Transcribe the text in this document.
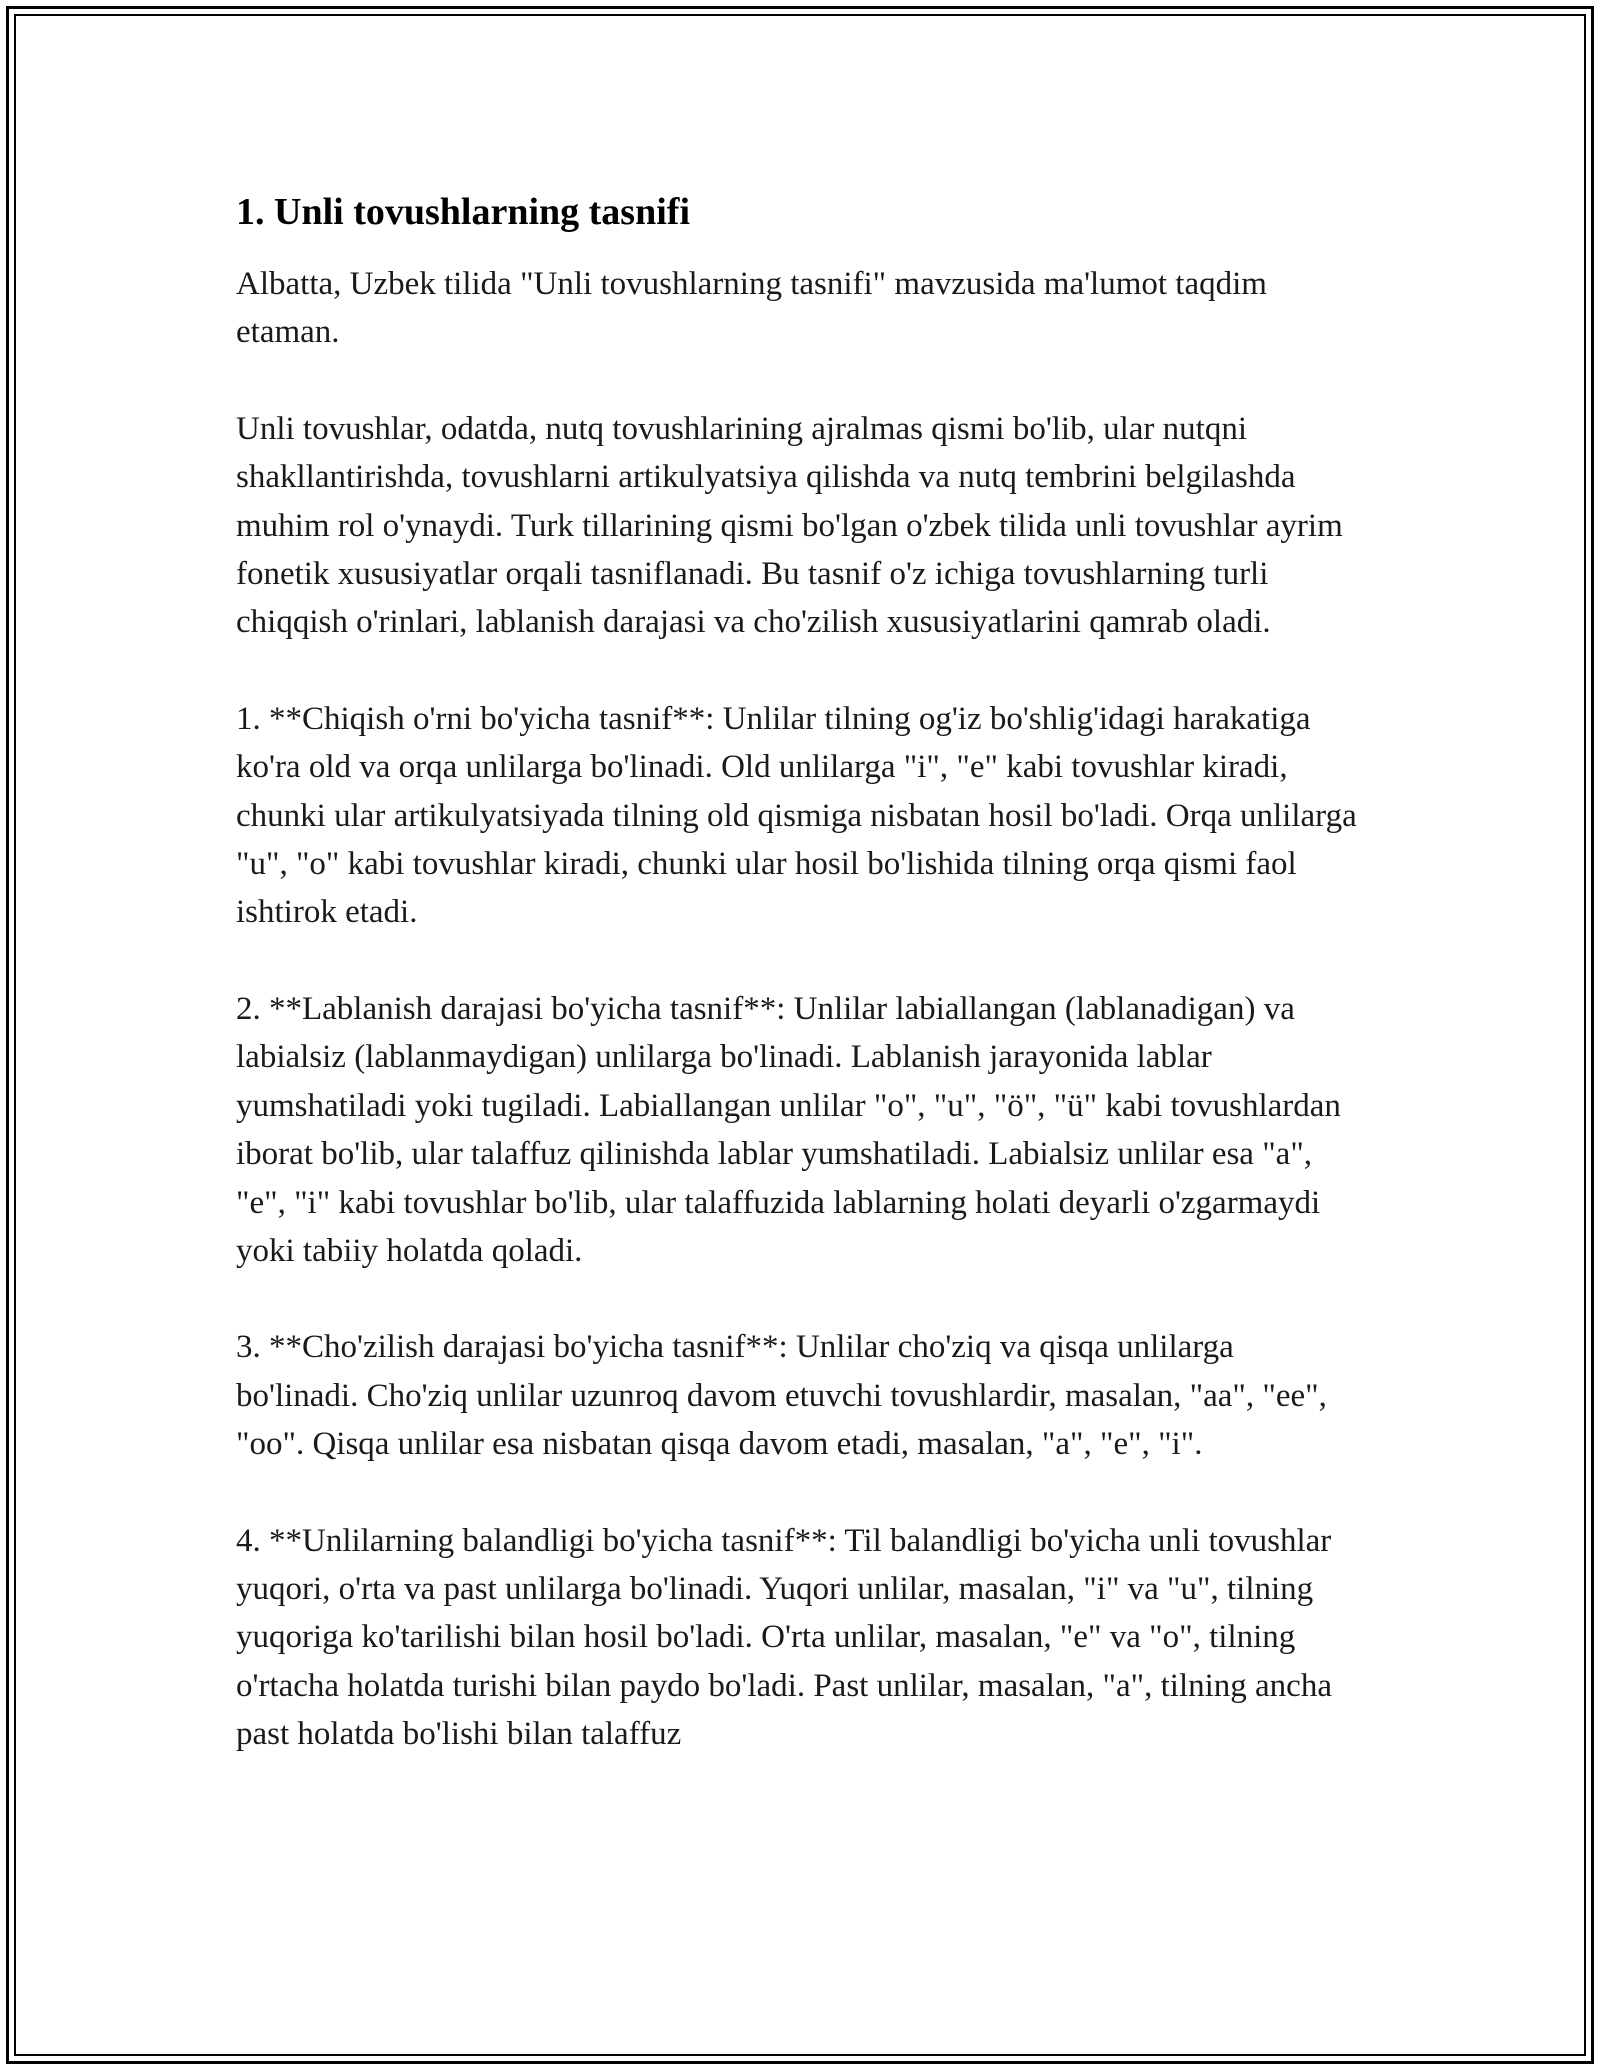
1. Unli tovushlarning tasnifi

Albatta, Uzbek tilida "Unli tovushlarning tasnifi" mavzusida ma'lumot taqdim etaman.

Unli tovushlar, odatda, nutq tovushlarining ajralmas qismi bo'lib, ular nutqni shakllantirishda, tovushlarni artikulyatsiya qilishda va nutq tembrini belgilashda muhim rol o'ynaydi. Turk tillarining qismi bo'lgan o'zbek tilida unli tovushlar ayrim fonetik xususiyatlar orqali tasniflanadi. Bu tasnif o'z ichiga tovushlarning turli chiqqish o'rinlari, lablanish darajasi va cho'zilish xususiyatlarini qamrab oladi.

1. **Chiqish o'rni bo'yicha tasnif**: Unlilar tilning og'iz bo'shlig'idagi harakatiga ko'ra old va orqa unlilarga bo'linadi. Old unlilarga "i", "e" kabi tovushlar kiradi, chunki ular artikulyatsiyada tilning old qismiga nisbatan hosil bo'ladi. Orqa unlilarga "u", "o" kabi tovushlar kiradi, chunki ular hosil bo'lishida tilning orqa qismi faol ishtirok etadi.

2. **Lablanish darajasi bo'yicha tasnif**: Unlilar labiallangan (lablanadigan) va labialsiz (lablanmaydigan) unlilarga bo'linadi. Lablanish jarayonida lablar yumshatiladi yoki tugiladi. Labiallangan unlilar "o", "u", "ö", "ü" kabi tovushlardan iborat bo'lib, ular talaffuz qilinishda lablar yumshatiladi. Labialsiz unlilar esa "a", "e", "i" kabi tovushlar bo'lib, ular talaffuzida lablarning holati deyarli o'zgarmaydi yoki tabiiy holatda qoladi.

3. **Cho'zilish darajasi bo'yicha tasnif**: Unlilar cho'ziq va qisqa unlilarga bo'linadi. Cho'ziq unlilar uzunroq davom etuvchi tovushlardir, masalan, "aa", "ee", "oo". Qisqa unlilar esa nisbatan qisqa davom etadi, masalan, "a", "e", "i".

4. **Unlilarning balandligi bo'yicha tasnif**: Til balandligi bo'yicha unli tovushlar yuqori, o'rta va past unlilarga bo'linadi. Yuqori unlilar, masalan, "i" va "u", tilning yuqoriga ko'tarilishi bilan hosil bo'ladi. O'rta unlilar, masalan, "e" va "o", tilning o'rtacha holatda turishi bilan paydo bo'ladi. Past unlilar, masalan, "a", tilning ancha past holatda bo'lishi bilan talaffuz
